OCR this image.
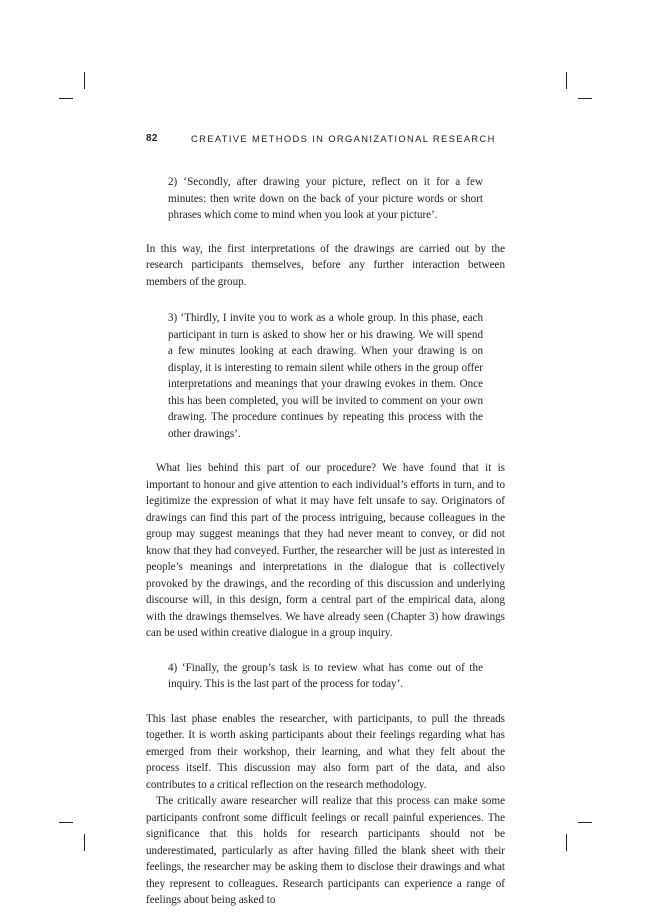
82	CREATIVE METHODS IN ORGANIZATIONAL RESEARCH

2) ‘Secondly, after drawing your picture, reflect on it for a few minutes: then write down on the back of your picture words or short phrases which come to mind when you look at your picture’.

In this way, the first interpretations of the drawings are carried out by the research participants themselves, before any further interaction between members of the group.

3) ‘Thirdly, I invite you to work as a whole group. In this phase, each participant in turn is asked to show her or his drawing. We will spend a few minutes looking at each drawing. When your drawing is on display, it is interesting to remain silent while others in the group offer interpretations and meanings that your drawing evokes in them. Once this has been completed, you will be invited to comment on your own drawing. The procedure continues by repeating this process with the other drawings’.

What lies behind this part of our procedure? We have found that it is important to honour and give attention to each individual’s efforts in turn, and to legitimize the expression of what it may have felt unsafe to say. Originators of drawings can find this part of the process intriguing, because colleagues in the group may suggest meanings that they had never meant to convey, or did not know that they had conveyed. Further, the researcher will be just as interested in people’s meanings and interpretations in the dialogue that is collectively provoked by the drawings, and the recording of this discussion and underlying discourse will, in this design, form a central part of the empirical data, along with the drawings themselves. We have already seen (Chapter 3) how drawings can be used within creative dialogue in a group inquiry.

4) ‘Finally, the group’s task is to review what has come out of the inquiry. This is the last part of the process for today’.

This last phase enables the researcher, with participants, to pull the threads together. It is worth asking participants about their feelings regarding what has emerged from their workshop, their learning, and what they felt about the process itself. This discussion may also form part of the data, and also contributes to a critical reflection on the research methodology.

The critically aware researcher will realize that this process can make some participants confront some difficult feelings or recall painful experiences. The significance that this holds for research participants should not be underestimated, particularly as after having filled the blank sheet with their feelings, the researcher may be asking them to disclose their drawings and what they represent to colleagues. Research participants can experience a range of feelings about being asked to
